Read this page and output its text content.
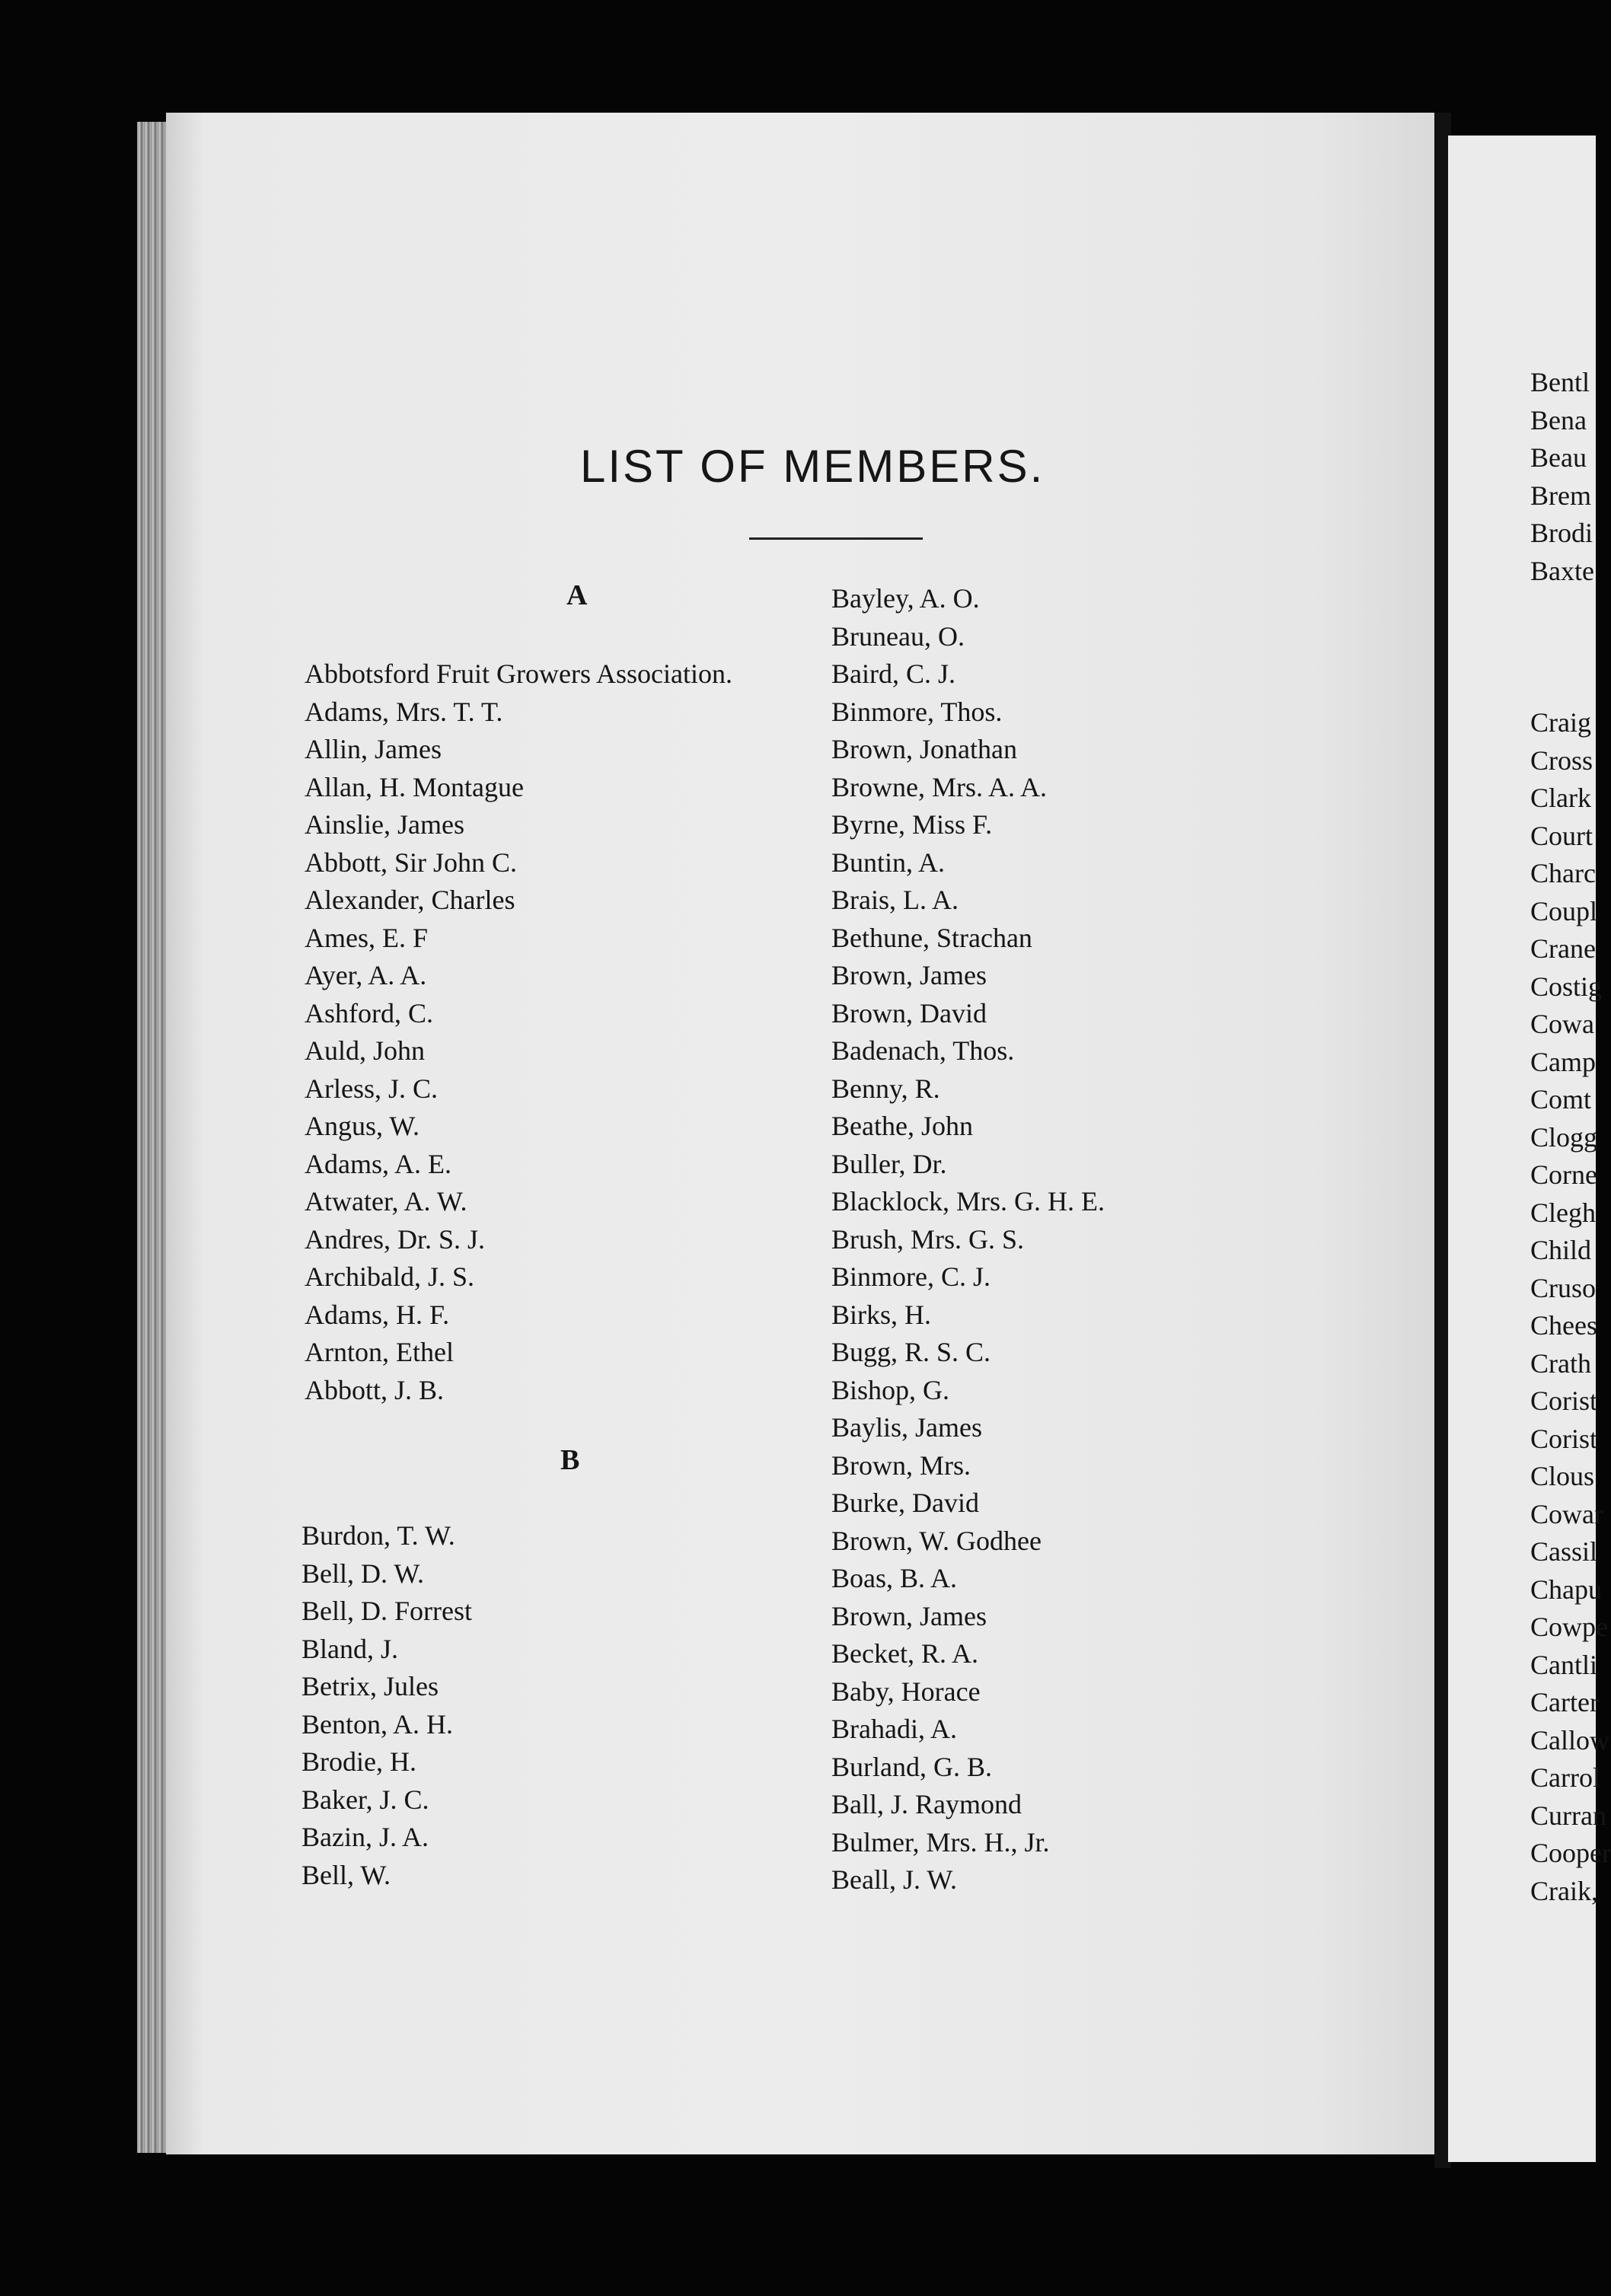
LIST OF MEMBERS.
A
B
Abbotsford Fruit Growers Association.
Adams, Mrs. T. T.
Allin, James
Allan, H. Montague
Ainslie, James
Abbott, Sir John C.
Alexander, Charles
Ames, E. F
Ayer, A. A.
Ashford, C.
Auld, John
Arless, J. C.
Angus, W.
Adams, A. E.
Atwater, A. W.
Andres, Dr. S. J.
Archibald, J. S.
Adams, H. F.
Arnton, Ethel
Abbott, J. B.
Burdon, T. W.
Bell, D. W.
Bell, D. Forrest
Bland, J.
Betrix, Jules
Benton, A. H.
Brodie, H.
Baker, J. C.
Bazin, J. A.
Bell, W.
Bayley, A. O.
Bruneau, O.
Baird, C. J.
Binmore, Thos.
Brown, Jonathan
Browne, Mrs. A. A.
Byrne, Miss F.
Buntin, A.
Brais, L. A.
Bethune, Strachan
Brown, James
Brown, David
Badenach, Thos.
Benny, R.
Beathe, John
Buller, Dr.
Blacklock, Mrs. G. H. E.
Brush, Mrs. G. S.
Binmore, C. J.
Birks, H.
Bugg, R. S. C.
Bishop, G.
Baylis, James
Brown, Mrs.
Burke, David
Brown, W. Godhee
Boas, B. A.
Brown, James
Becket, R. A.
Baby, Horace
Brahadi, A.
Burland, G. B.
Ball, J. Raymond
Bulmer, Mrs. H., Jr.
Beall, J. W.
Bentl
Bena
Beau
Brem
Brodi
Baxte
Craig
Cross
Clark
Court
Charc
Coupl
Crane
Costig
Cowa
Camp
Comt
Clogg
Corne
Clegh
Child
Cruso
Chees
Crath
Corist
Corist
Clous
Cowar
Cassil
Chapu
Cowpe
Cantli
Carter
Callow
Carrol
Curran
Cooper
Craik,
